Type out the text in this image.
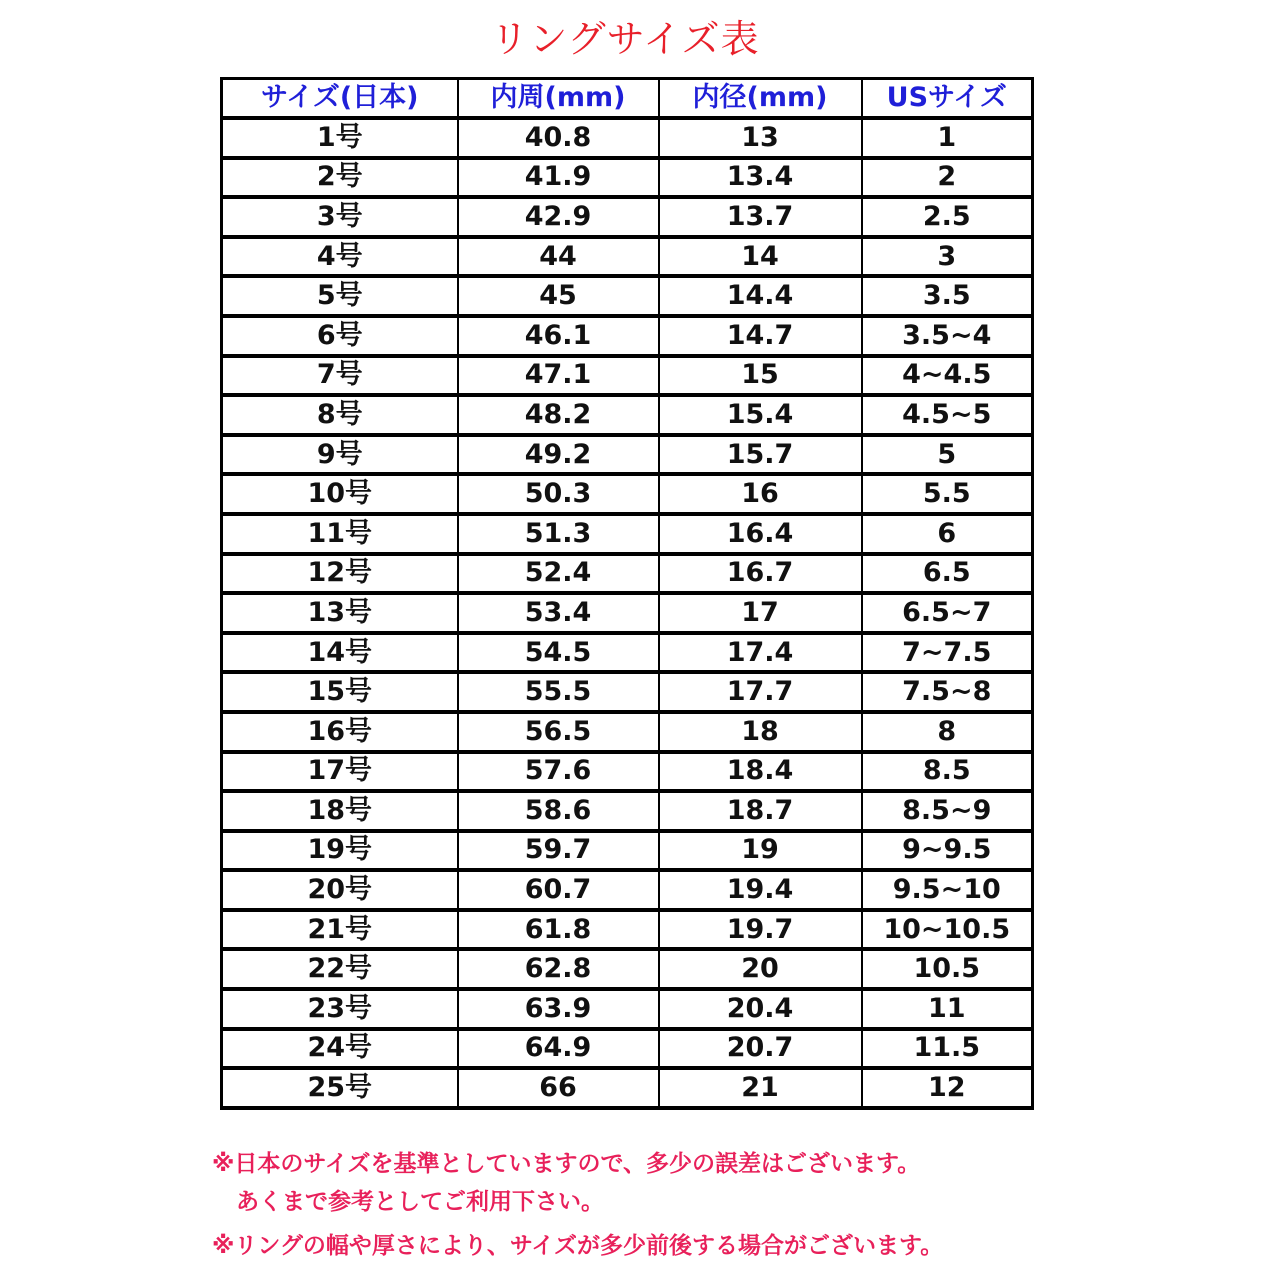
リングサイズ表
サイズ(日本)	内周(mm)	内径(mm)	USサイズ
1号	40.8	13	1
2号	41.9	13.4	2
3号	42.9	13.7	2.5
4号	44	14	3
5号	45	14.4	3.5
6号	46.1	14.7	3.5~4
7号	47.1	15	4~4.5
8号	48.2	15.4	4.5~5
9号	49.2	15.7	5
10号	50.3	16	5.5
11号	51.3	16.4	6
12号	52.4	16.7	6.5
13号	53.4	17	6.5~7
14号	54.5	17.4	7~7.5
15号	55.5	17.7	7.5~8
16号	56.5	18	8
17号	57.6	18.4	8.5
18号	58.6	18.7	8.5~9
19号	59.7	19	9~9.5
20号	60.7	19.4	9.5~10
21号	61.8	19.7	10~10.5
22号	62.8	20	10.5
23号	63.9	20.4	11
24号	64.9	20.7	11.5
25号	66	21	12
※日本のサイズを基準としていますので、多少の誤差はございます。
あくまで参考としてご利用下さい。
※リングの幅や厚さにより、サイズが多少前後する場合がございます。
